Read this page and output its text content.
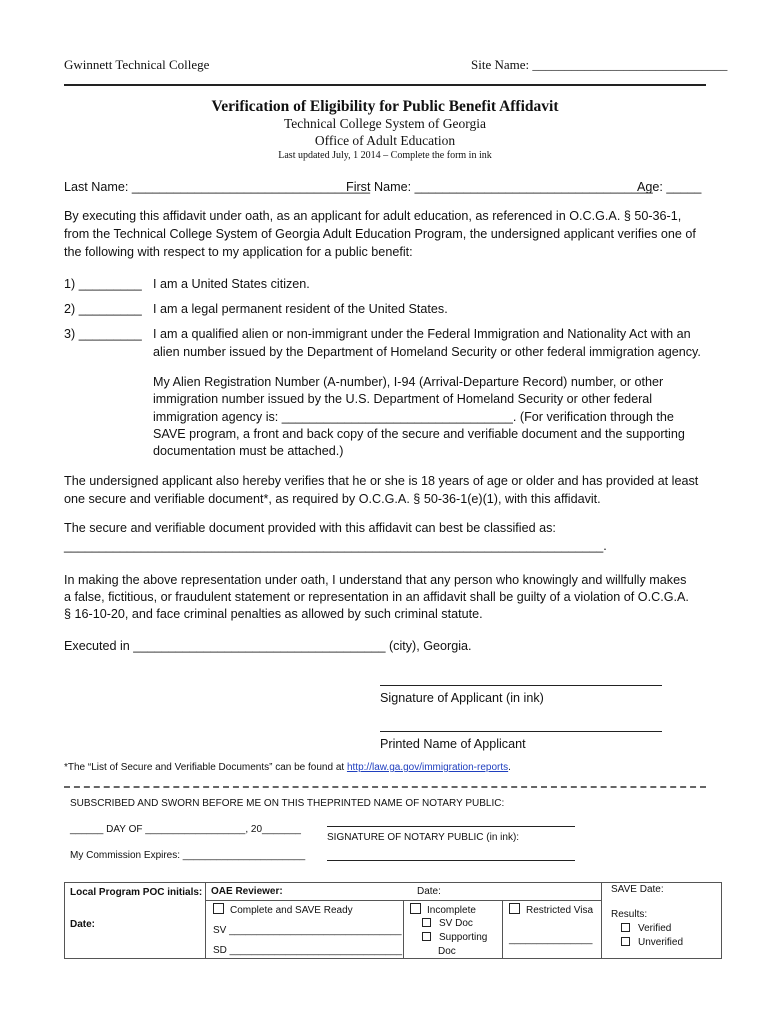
Gwinnett Technical College	Site Name: ______________________________
Verification of Eligibility for Public Benefit Affidavit
Technical College System of Georgia
Office of Adult Education
Last updated July, 1 2014 – Complete the form in ink
Last Name: __________________________________
First Name: __________________________________
Age: _____
By executing this affidavit under oath, as an applicant for adult education, as referenced in O.C.G.A. § 50-36-1,
from the Technical College System of Georgia Adult Education Program, the undersigned applicant verifies one of
the following with respect to my application for a public benefit:
1) _________ I am a United States citizen.
2) _________ I am a legal permanent resident of the United States.
3) _________ I am a qualified alien or non-immigrant under the Federal Immigration and Nationality Act with an
alien number issued by the Department of Homeland Security or other federal immigration agency.
My Alien Registration Number (A-number), I-94 (Arrival-Departure Record) number, or other
immigration number issued by the U.S. Department of Homeland Security or other federal
immigration agency is: _________________________________. (For verification through the
SAVE program, a front and back copy of the secure and verifiable document and the supporting
documentation must be attached.)
The undersigned applicant also hereby verifies that he or she is 18 years of age or older and has provided at least
one secure and verifiable document*, as required by O.C.G.A. § 50-36-1(e)(1), with this affidavit.
The secure and verifiable document provided with this affidavit can best be classified as:
_____________________________________________________________________________.
In making the above representation under oath, I understand that any person who knowingly and willfully makes
a false, fictitious, or fraudulent statement or representation in an affidavit shall be guilty of a violation of O.C.G.A.
§ 16-10-20, and face criminal penalties as allowed by such criminal statute.
Executed in ____________________________________ (city), Georgia.
Signature of Applicant (in ink)
Printed Name of Applicant
*The “List of Secure and Verifiable Documents” can be found at http://law.ga.gov/immigration-reports.
SUBSCRIBED AND SWORN BEFORE ME ON THIS THE
______ DAY OF __________________, 20_______
My Commission Expires: ______________________
PRINTED NAME OF NOTARY PUBLIC:
SIGNATURE OF NOTARY PUBLIC (in ink):
Local Program POC initials:
Date:
OAE Reviewer:	Date:
Complete and SAVE Ready
SV _______________________________
SD _______________________________
Incomplete
SV Doc
Supporting
Doc
Restricted Visa
_______________
SAVE Date:
Results:
Verified
Unverified
